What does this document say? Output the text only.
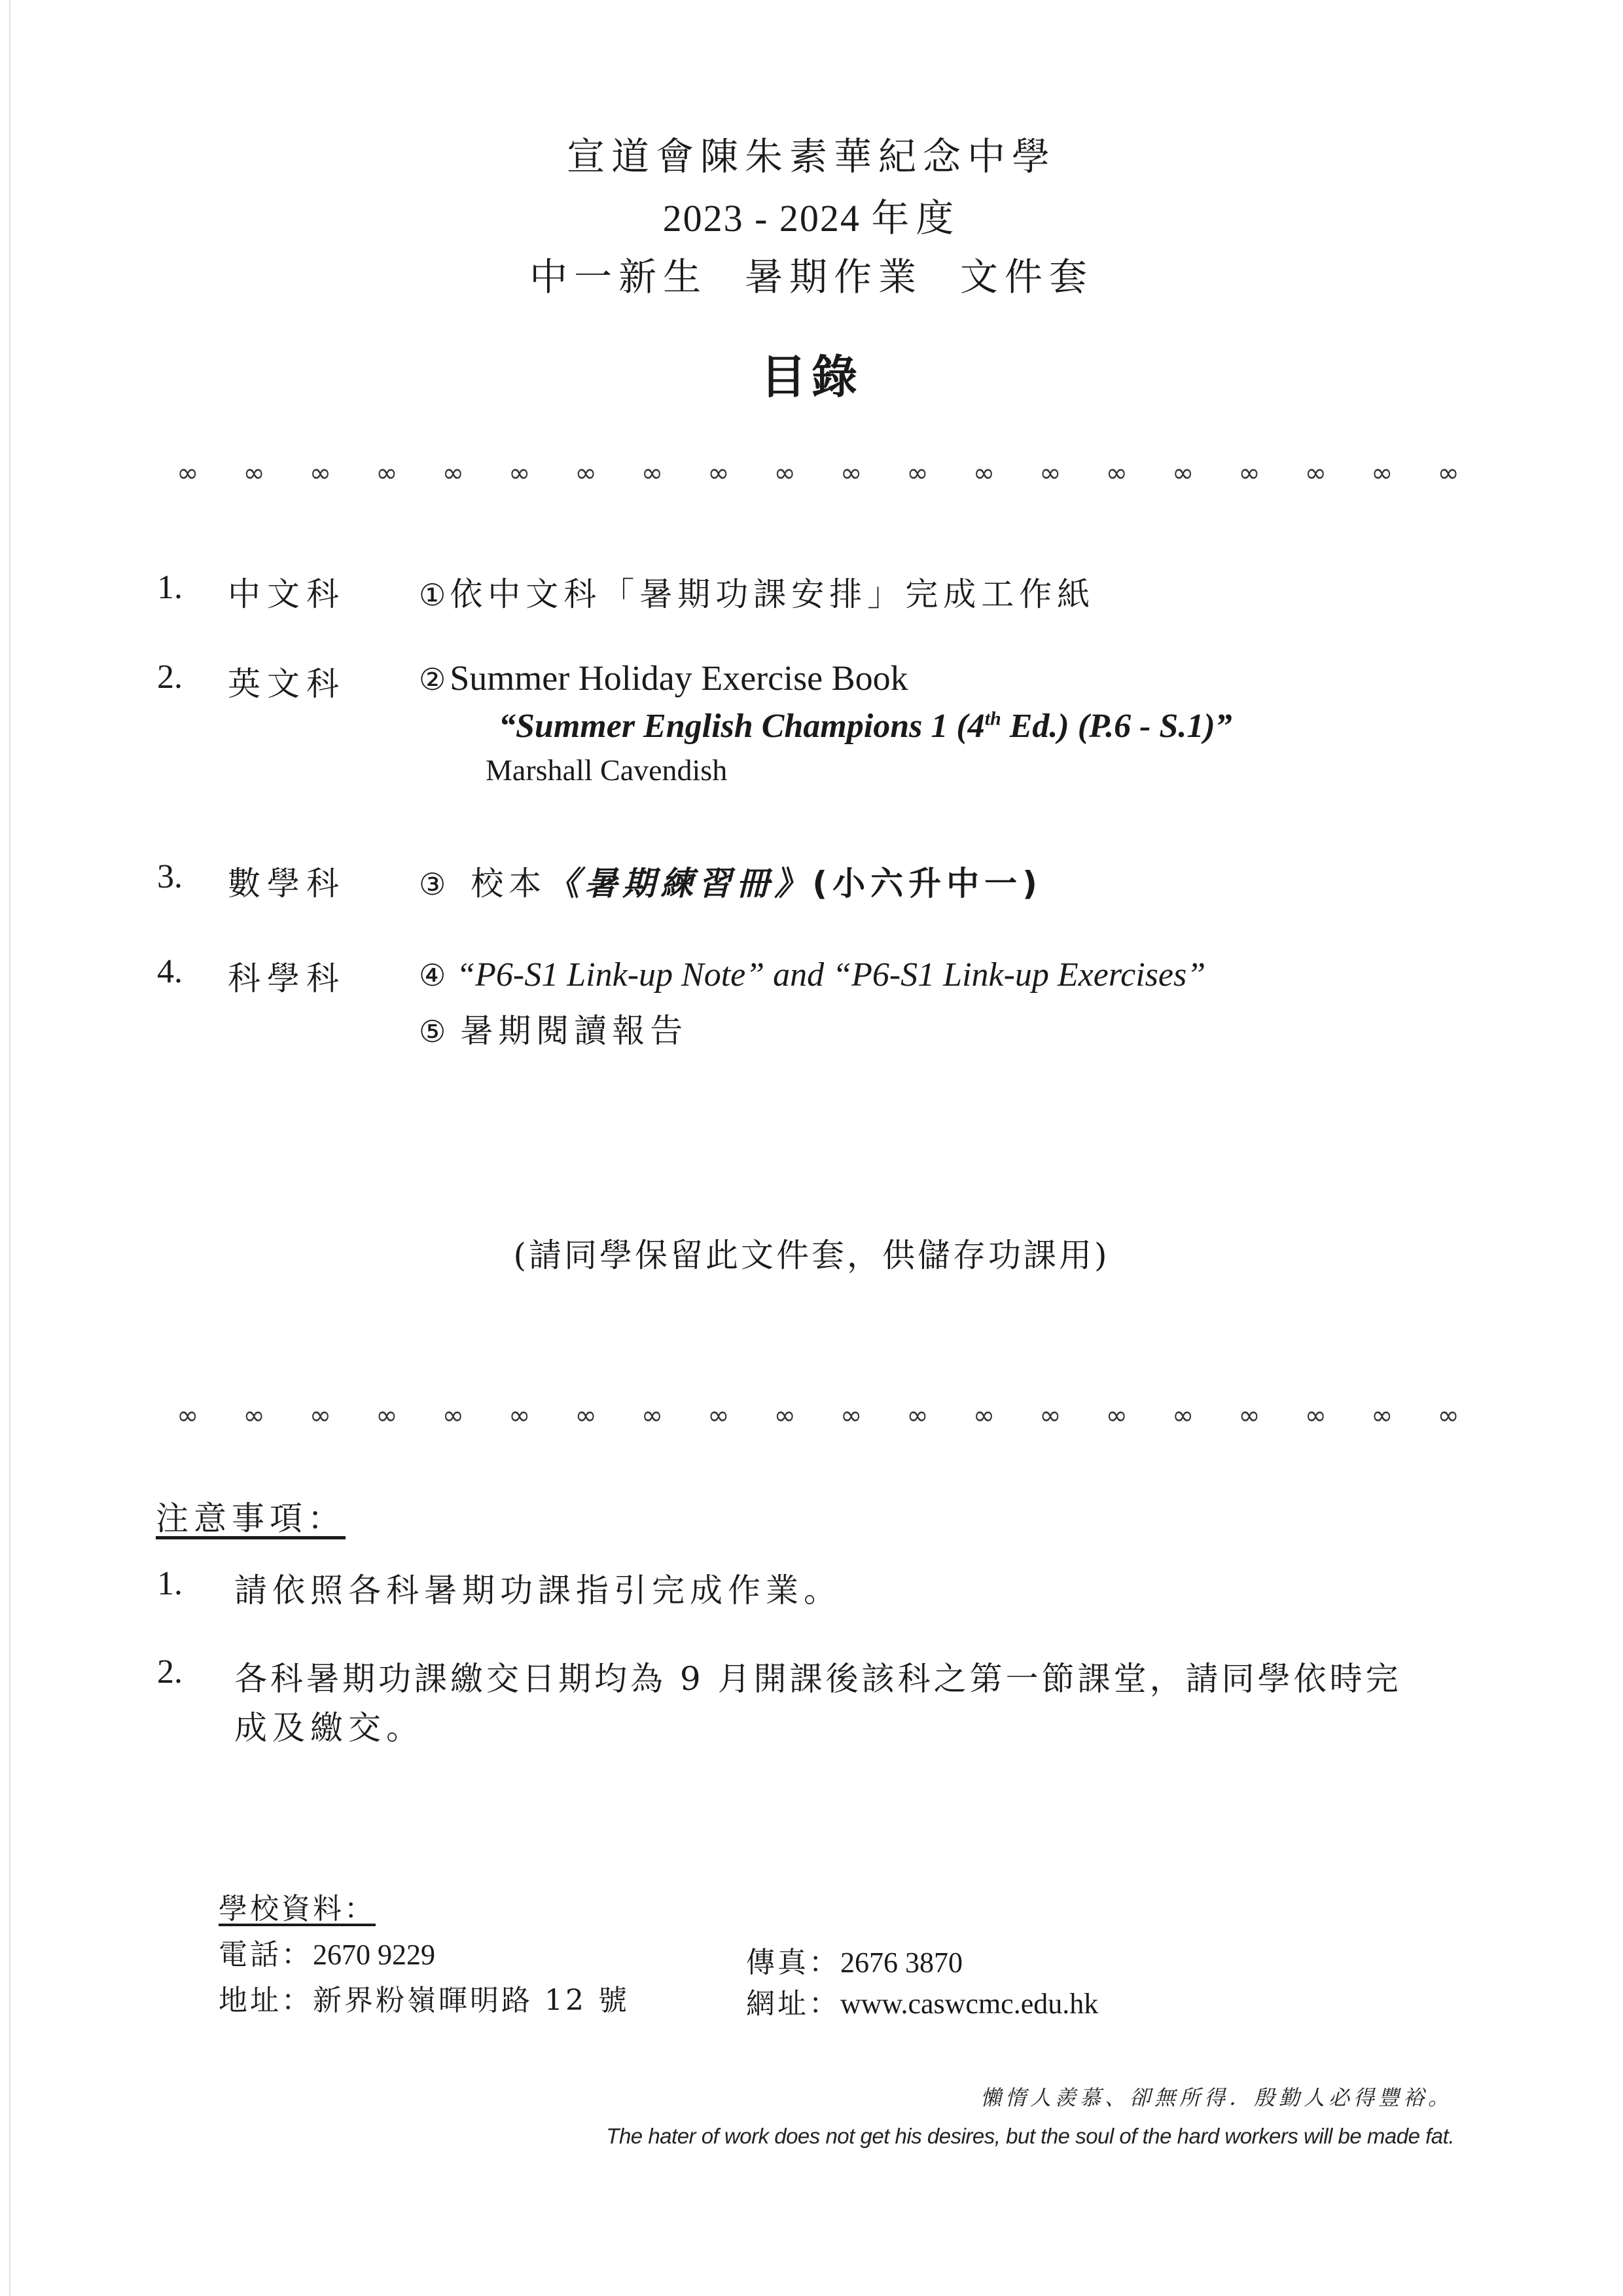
宣道會陳朱素華紀念中學
2023 - 2024 年度
中一新生  暑期作業  文件套
目錄
∞ ∞ ∞ ∞ ∞ ∞ ∞ ∞ ∞ ∞ ∞ ∞ ∞ ∞ ∞ ∞ ∞ ∞ ∞ ∞
1. 中文科 ① 依中文科「暑期功課安排」完成工作紙
2. 英文科 ② Summer Holiday Exercise Book
“Summer English Champions 1 (4th Ed.) (P.6 - S.1)”
Marshall Cavendish
3. 數學科 ③ 校本《暑期練習冊》(小六升中一)
4. 科學科 ④ “P6-S1 Link-up Note” and “P6-S1 Link-up Exercises”
⑤ 暑期閱讀報告
(請同學保留此文件套，供儲存功課用)
∞ ∞ ∞ ∞ ∞ ∞ ∞ ∞ ∞ ∞ ∞ ∞ ∞ ∞ ∞ ∞ ∞ ∞ ∞ ∞
注意事項：
1. 請依照各科暑期功課指引完成作業。
2. 各科暑期功課繳交日期均為 9 月開課後該科之第一節課堂，請同學依時完
成及繳交。
學校資料：
電話：2670 9229	傳真：2676 3870
地址：新界粉嶺暉明路 12 號	網址：www.caswcmc.edu.hk
懶惰人羨慕、卻無所得．殷勤人必得豐裕。
The hater of work does not get his desires, but the soul of the hard workers will be made fat.
